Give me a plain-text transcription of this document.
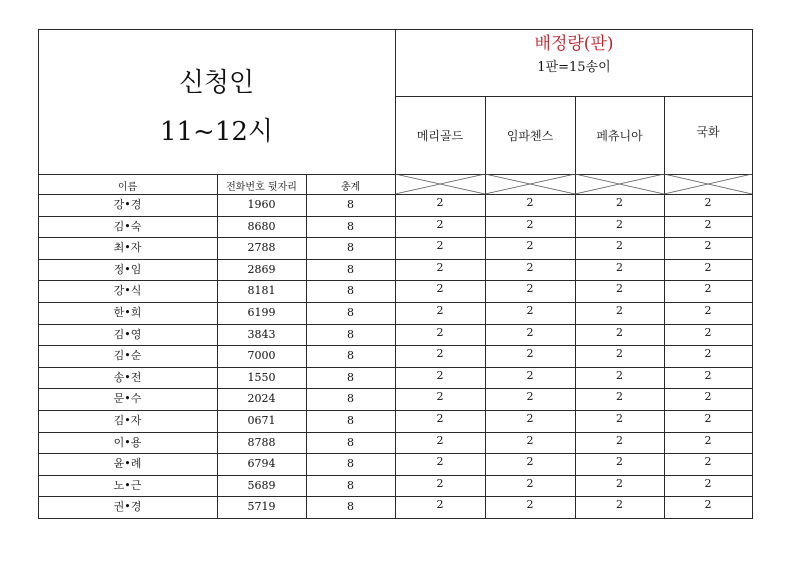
신청인
11~12시
배정량(판)
1판=15송이
메리골드	임파첸스	페츄니아	국화
이름	전화번호 뒷자리	총계
강•경	1960	8	2	2	2	2
김•숙	8680	8	2	2	2	2
최•자	2788	8	2	2	2	2
정•임	2869	8	2	2	2	2
강•식	8181	8	2	2	2	2
한•희	6199	8	2	2	2	2
김•영	3843	8	2	2	2	2
김•순	7000	8	2	2	2	2
송•전	1550	8	2	2	2	2
문•수	2024	8	2	2	2	2
김•자	0671	8	2	2	2	2
이•용	8788	8	2	2	2	2
윤•례	6794	8	2	2	2	2
노•근	5689	8	2	2	2	2
권•경	5719	8	2	2	2	2
